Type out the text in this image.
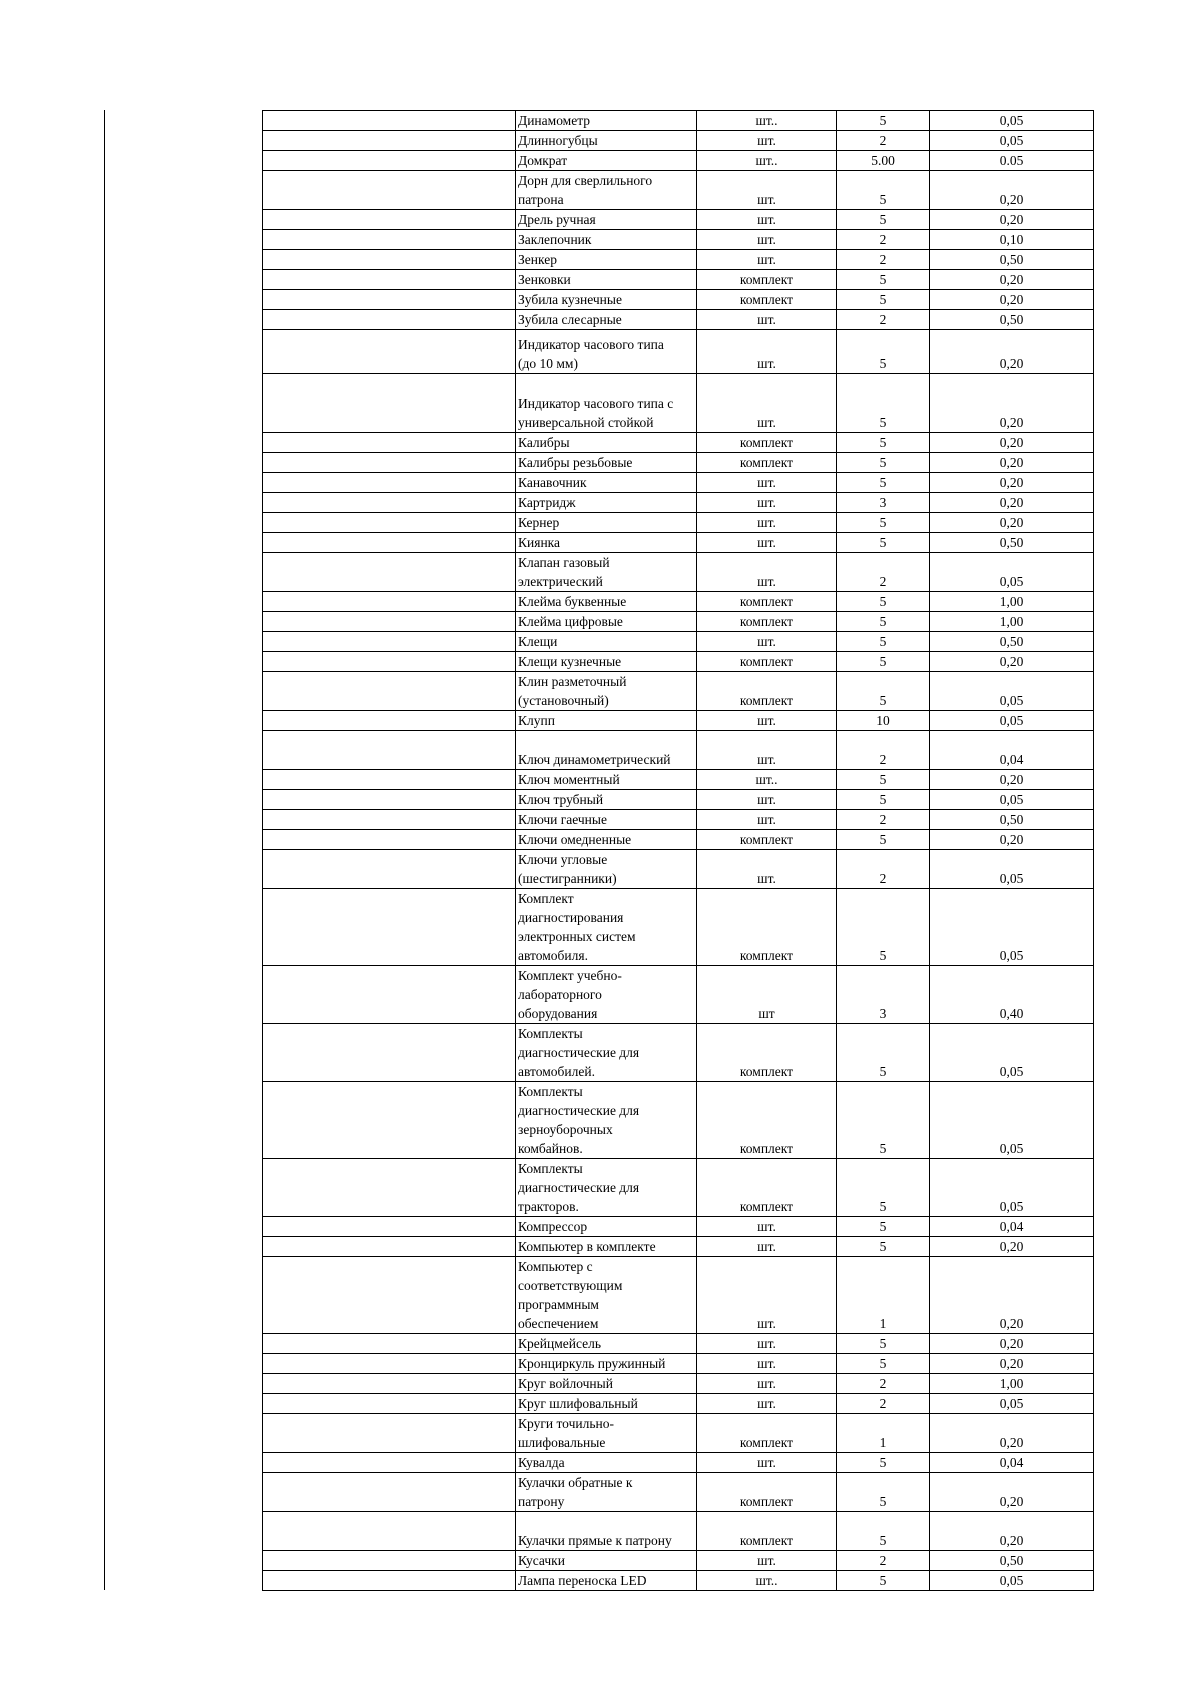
	Динамометр	шт..	5	0,05
	Длинногубцы	шт.	2	0,05
	Домкрат	шт..	5.00	0.05
	Дорн для сверлильного
патрона	шт.	5	0,20
	Дрель ручная	шт.	5	0,20
	Заклепочник	шт.	2	0,10
	Зенкер	шт.	2	0,50
	Зенковки	комплект	5	0,20
	Зубила кузнечные	комплект	5	0,20
	Зубила слесарные	шт.	2	0,50
	Индикатор часового типа
(до 10 мм)	шт.	5	0,20
	Индикатор часового типа с
универсальной стойкой	шт.	5	0,20
	Калибры	комплект	5	0,20
	Калибры резьбовые	комплект	5	0,20
	Канавочник	шт.	5	0,20
	Картридж	шт.	3	0,20
	Кернер	шт.	5	0,20
	Киянка	шт.	5	0,50
	Клапан газовый
электрический	шт.	2	0,05
	Клейма буквенные	комплект	5	1,00
	Клейма цифровые	комплект	5	1,00
	Клещи	шт.	5	0,50
	Клещи кузнечные	комплект	5	0,20
	Клин разметочный
(установочный)	комплект	5	0,05
	Клупп	шт.	10	0,05
	Ключ динамометрический	шт.	2	0,04
	Ключ моментный	шт..	5	0,20
	Ключ трубный	шт.	5	0,05
	Ключи гаечные	шт.	2	0,50
	Ключи омедненные	комплект	5	0,20
	Ключи угловые
(шестигранники)	шт.	2	0,05
	Комплект
диагностирования
электронных систем
автомобиля.	комплект	5	0,05
	Комплект учебно-
лабораторного
оборудования	шт	3	0,40
	Комплекты
диагностические для
автомобилей.	комплект	5	0,05
	Комплекты
диагностические для
зерноуборочных
комбайнов.	комплект	5	0,05
	Комплекты
диагностические для
тракторов.	комплект	5	0,05
	Компрессор	шт.	5	0,04
	Компьютер в комплекте	шт.	5	0,20
	Компьютер с
соответствующим
программным
обеспечением	шт.	1	0,20
	Крейцмейсель	шт.	5	0,20
	Кронциркуль пружинный	шт.	5	0,20
	Круг войлочный	шт.	2	1,00
	Круг шлифовальный	шт.	2	0,05
	Круги точильно-
шлифовальные	комплект	1	0,20
	Кувалда	шт.	5	0,04
	Кулачки обратные к
патрону	комплект	5	0,20
	Кулачки прямые к патрону	комплект	5	0,20
	Кусачки	шт.	2	0,50
	Лампа переноска LED	шт..	5	0,05
